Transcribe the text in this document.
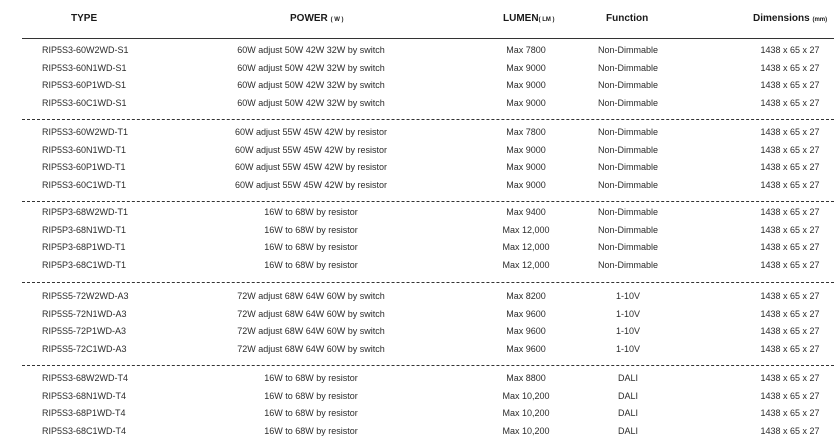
TYPE	POWER ( W )	LUMEN( LM )	Function	Dimensions (mm)
RIP5S3-60W2WD-S1	60W adjust 50W 42W 32W by switch	Max 7800	Non-Dimmable	1438 x 65 x 27
RIP5S3-60N1WD-S1	60W adjust 50W 42W 32W by switch	Max 9000	Non-Dimmable	1438 x 65 x 27
RIP5S3-60P1WD-S1	60W adjust 50W 42W 32W by switch	Max 9000	Non-Dimmable	1438 x 65 x 27
RIP5S3-60C1WD-S1	60W adjust 50W 42W 32W by switch	Max 9000	Non-Dimmable	1438 x 65 x 27
RIP5S3-60W2WD-T1	60W adjust 55W 45W 42W by resistor	Max 7800	Non-Dimmable	1438 x 65 x 27
RIP5S3-60N1WD-T1	60W adjust 55W 45W 42W by resistor	Max 9000	Non-Dimmable	1438 x 65 x 27
RIP5S3-60P1WD-T1	60W adjust 55W 45W 42W by resistor	Max 9000	Non-Dimmable	1438 x 65 x 27
RIP5S3-60C1WD-T1	60W adjust 55W 45W 42W by resistor	Max 9000	Non-Dimmable	1438 x 65 x 27
RIP5P3-68W2WD-T1	16W to 68W by resistor	Max 9400	Non-Dimmable	1438 x 65 x 27
RIP5P3-68N1WD-T1	16W to 68W by resistor	Max 12,000	Non-Dimmable	1438 x 65 x 27
RIP5P3-68P1WD-T1	16W to 68W by resistor	Max 12,000	Non-Dimmable	1438 x 65 x 27
RIP5P3-68C1WD-T1	16W to 68W by resistor	Max 12,000	Non-Dimmable	1438 x 65 x 27
RIP5S5-72W2WD-A3	72W adjust 68W 64W 60W by switch	Max 8200	1-10V	1438 x 65 x 27
RIP5S5-72N1WD-A3	72W adjust 68W 64W 60W by switch	Max 9600	1-10V	1438 x 65 x 27
RIP5S5-72P1WD-A3	72W adjust 68W 64W 60W by switch	Max 9600	1-10V	1438 x 65 x 27
RIP5S5-72C1WD-A3	72W adjust 68W 64W 60W by switch	Max 9600	1-10V	1438 x 65 x 27
RIP5S3-68W2WD-T4	16W to 68W by resistor	Max 8800	DALI	1438 x 65 x 27
RIP5S3-68N1WD-T4	16W to 68W by resistor	Max 10,200	DALI	1438 x 65 x 27
RIP5S3-68P1WD-T4	16W to 68W by resistor	Max 10,200	DALI	1438 x 65 x 27
RIP5S3-68C1WD-T4	16W to 68W by resistor	Max 10,200	DALI	1438 x 65 x 27
